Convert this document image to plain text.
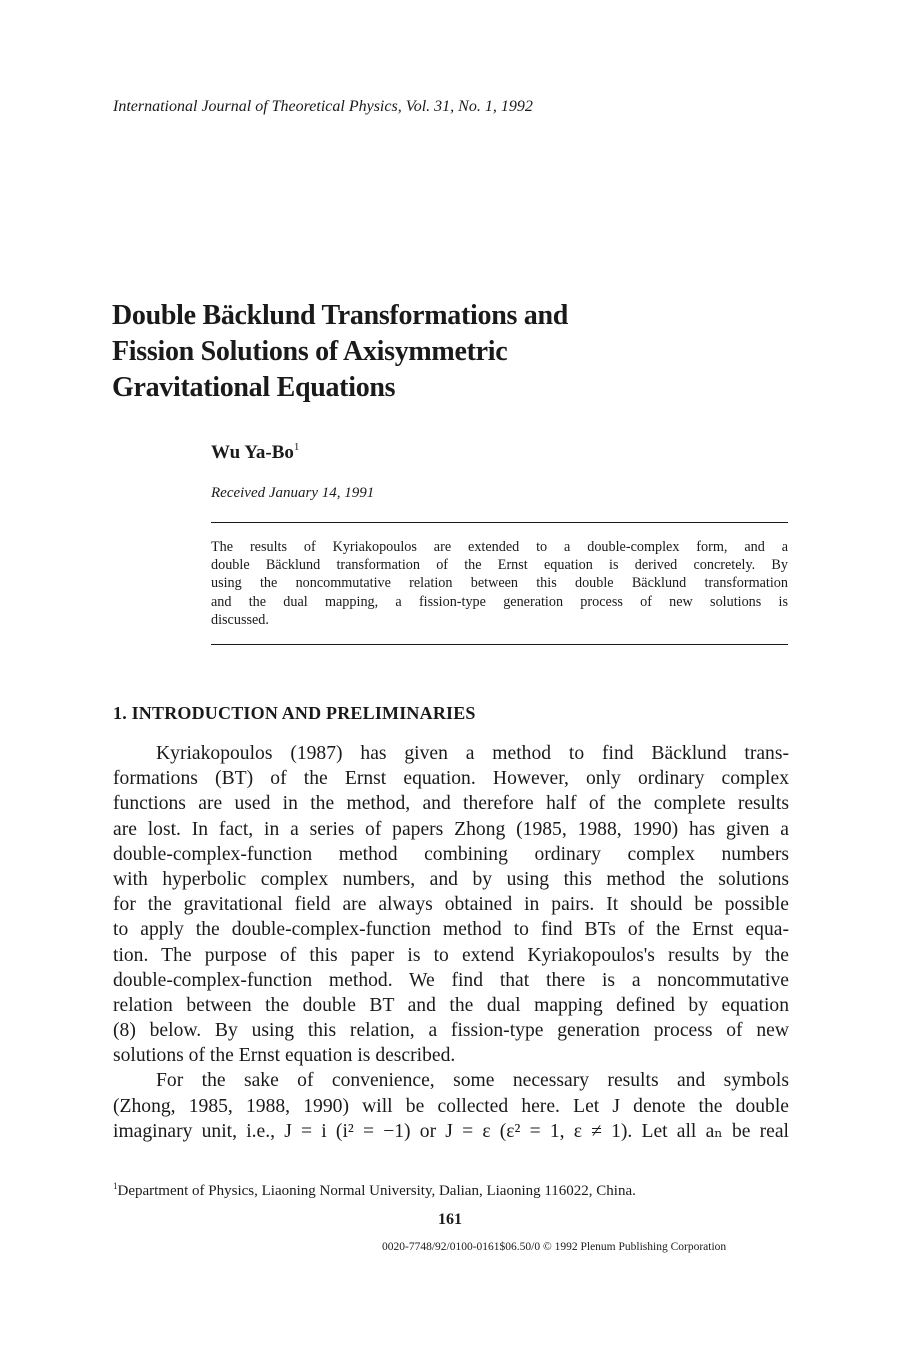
International Journal of Theoretical Physics, Vol. 31, No. 1, 1992
Double Bäcklund Transformations and
Fission Solutions of Axisymmetric
Gravitational Equations
Wu Ya-Bo$^1$
Received January 14, 1991
The results of Kyriakopoulos are extended to a double-complex form, and a
double Bäcklund transformation of the Ernst equation is derived concretely. By
using the noncommutative relation between this double Bäcklund transformation
and the dual mapping, a fission-type generation process of new solutions is
discussed.
1. INTRODUCTION AND PRELIMINARIES
Kyriakopoulos (1987) has given a method to find Bäcklund trans-
formations (BT) of the Ernst equation. However, only ordinary complex
functions are used in the method, and therefore half of the complete results
are lost. In fact, in a series of papers Zhong (1985, 1988, 1990) has given a
double-complex-function method combining ordinary complex numbers
with hyperbolic complex numbers, and by using this method the solutions
for the gravitational field are always obtained in pairs. It should be possible
to apply the double-complex-function method to find BTs of the Ernst equa-
tion. The purpose of this paper is to extend Kyriakopoulos's results by the
double-complex-function method. We find that there is a noncommutative
relation between the double BT and the dual mapping defined by equation
(8) below. By using this relation, a fission-type generation process of new
solutions of the Ernst equation is described.
For the sake of convenience, some necessary results and symbols
(Zhong, 1985, 1988, 1990) will be collected here. Let J denote the double
imaginary unit, i.e., J = i (i² = −1) or J = ε (ε² = 1, ε ≠ 1). Let all aₙ be real
$^1$Department of Physics, Liaoning Normal University, Dalian, Liaoning 116022, China.
161
0020-7748/92/0100-0161$06.50/0 © 1992 Plenum Publishing Corporation
